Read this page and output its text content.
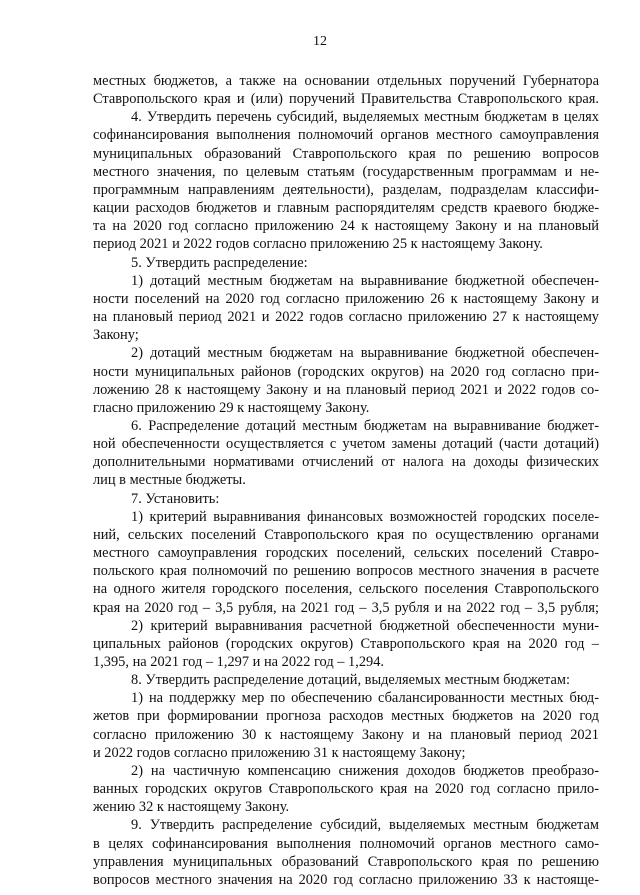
12
местных бюджетов, а также на основании отдельных поручений Губернатора
Ставропольского края и (или) поручений Правительства Ставропольского края.
4. Утвердить перечень субсидий, выделяемых местным бюджетам в целях
софинансирования выполнения полномочий органов местного самоуправления
муниципальных образований Ставропольского края по решению вопросов
местного значения, по целевым статьям (государственным программам и не-
программным направлениям деятельности), разделам, подразделам классифи-
кации расходов бюджетов и главным распорядителям средств краевого бюдже-
та на 2020 год согласно приложению 24 к настоящему Закону и на плановый
период 2021 и 2022 годов согласно приложению 25 к настоящему Закону.
5. Утвердить распределение:
1) дотаций местным бюджетам на выравнивание бюджетной обеспечен-
ности поселений на 2020 год согласно приложению 26 к настоящему Закону и
на плановый период 2021 и 2022 годов согласно приложению 27 к настоящему
Закону;
2) дотаций местным бюджетам на выравнивание бюджетной обеспечен-
ности муниципальных районов (городских округов) на 2020 год согласно при-
ложению 28 к настоящему Закону и на плановый период 2021 и 2022 годов со-
гласно приложению 29 к настоящему Закону.
6. Распределение дотаций местным бюджетам на выравнивание бюджет-
ной обеспеченности осуществляется с учетом замены дотаций (части дотаций)
дополнительными нормативами отчислений от налога на доходы физических
лиц в местные бюджеты.
7. Установить:
1) критерий выравнивания финансовых возможностей городских поселе-
ний, сельских поселений Ставропольского края по осуществлению органами
местного самоуправления городских поселений, сельских поселений Ставро-
польского края полномочий по решению вопросов местного значения в расчете
на одного жителя городского поселения, сельского поселения Ставропольского
края на 2020 год – 3,5 рубля, на 2021 год – 3,5 рубля и на 2022 год – 3,5 рубля;
2) критерий выравнивания расчетной бюджетной обеспеченности муни-
ципальных районов (городских округов) Ставропольского края на 2020 год –
1,395, на 2021 год – 1,297 и на 2022 год – 1,294.
8. Утвердить распределение дотаций, выделяемых местным бюджетам:
1) на поддержку мер по обеспечению сбалансированности местных бюд-
жетов при формировании прогноза расходов местных бюджетов на 2020 год
согласно приложению 30 к настоящему Закону и на плановый период 2021
и 2022 годов согласно приложению 31 к настоящему Закону;
2) на частичную компенсацию снижения доходов бюджетов преобразо-
ванных городских округов Ставропольского края на 2020 год согласно прило-
жению 32 к настоящему Закону.
9. Утвердить распределение субсидий, выделяемых местным бюджетам
в целях софинансирования выполнения полномочий органов местного само-
управления муниципальных образований Ставропольского края по решению
вопросов местного значения на 2020 год согласно приложению 33 к настояще-
